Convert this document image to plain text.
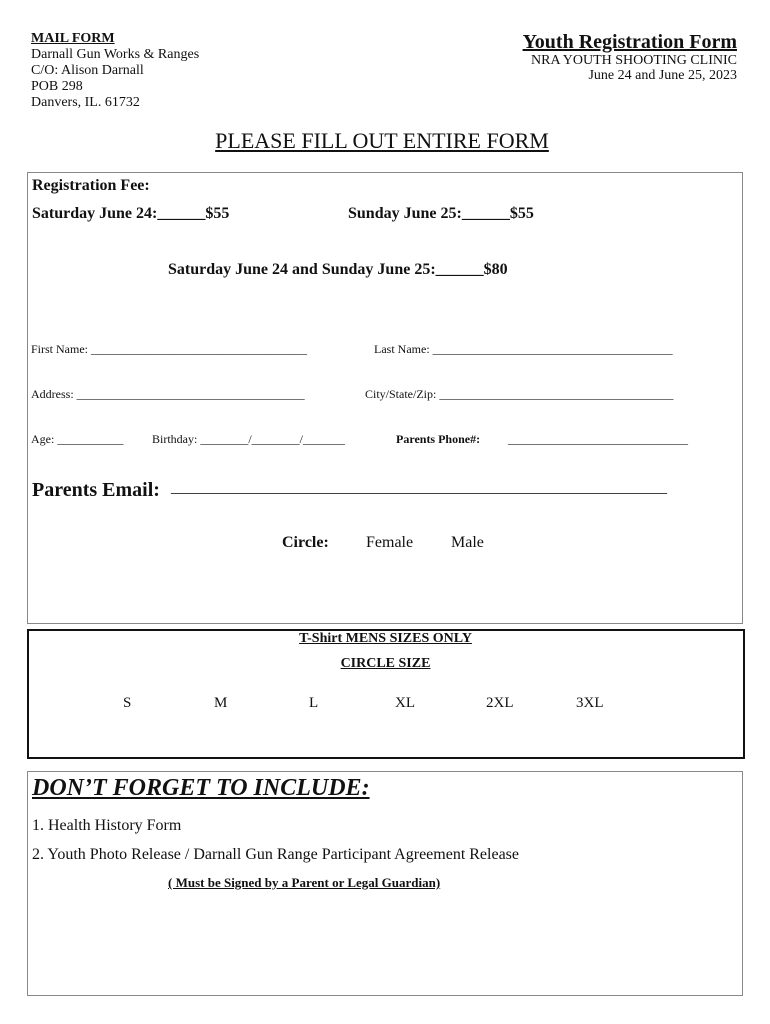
MAIL FORM
Darnall Gun Works & Ranges
C/O: Alison Darnall
POB 298
Danvers, IL. 61732
Youth Registration Form
NRA YOUTH SHOOTING CLINIC
June 24 and June 25, 2023
PLEASE FILL OUT ENTIRE FORM
Registration Fee:
Saturday June 24:______$55	Sunday June 25:______$55
Saturday June 24 and Sunday June 25:______$80
First Name: ____________________________________	Last Name: ________________________________________
Address: ______________________________________	City/State/Zip: _______________________________________
Age: ___________ Birthday: ________/________/_______	Parents Phone#: ______________________________
Parents Email: ______________________________________________________________
Circle: Female Male
T-Shirt MENS SIZES ONLY
CIRCLE SIZE
S	M	L	XL	2XL	3XL
DON’T FORGET TO INCLUDE:
1. Health History Form
2. Youth Photo Release / Darnall Gun Range Participant Agreement Release
( Must be Signed by a Parent or Legal Guardian)
